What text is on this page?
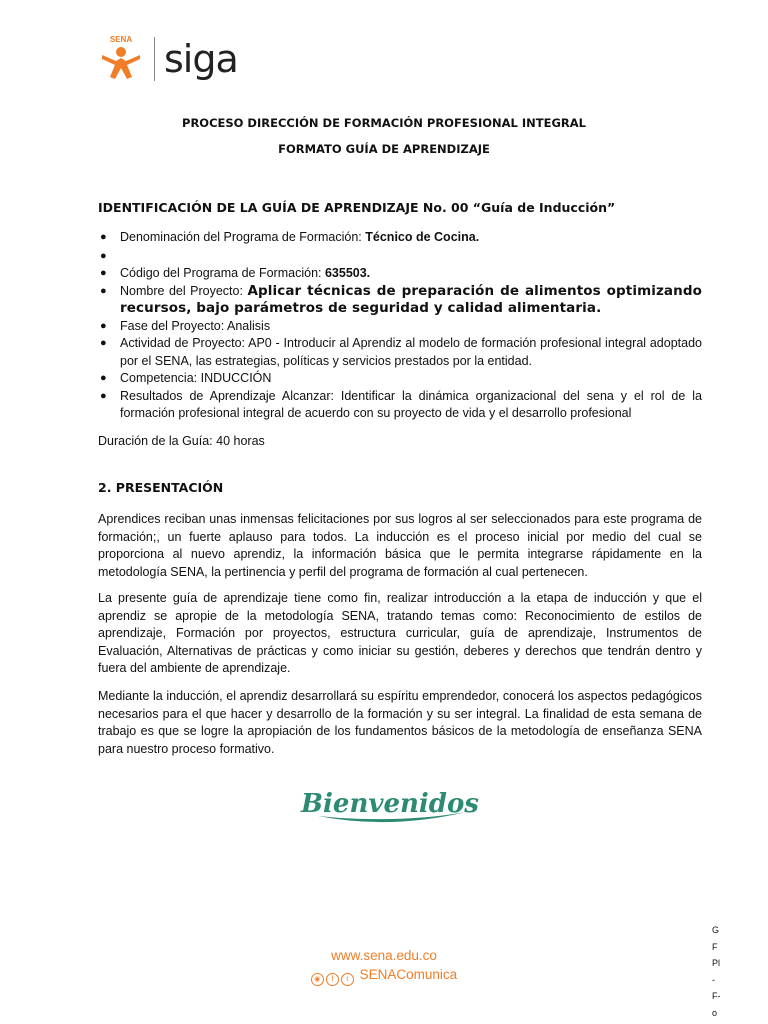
SENA siga
PROCESO DIRECCIÓN DE FORMACIÓN PROFESIONAL INTEGRAL
FORMATO GUÍA DE APRENDIZAJE
IDENTIFICACIÓN DE LA GUÍA DE APRENDIZAJE No. 00 “Guía de Inducción”
● Denominación del Programa de Formación: Técnico de Cocina.
●
● Código del Programa de Formación: 635503.
● Nombre del Proyecto: Aplicar técnicas de preparación de alimentos optimizando recursos, bajo parámetros de seguridad y calidad alimentaria.
● Fase del Proyecto: Analisis
● Actividad de Proyecto: AP0 - Introducir al Aprendiz al modelo de formación profesional integral adoptado por el SENA, las estrategias, políticas y servicios prestados por la entidad.
● Competencia: INDUCCIÓN
● Resultados de Aprendizaje Alcanzar: Identificar la dinámica organizacional del sena y el rol de la formación profesional integral de acuerdo con su proyecto de vida y el desarrollo profesional
Duración de la Guía: 40 horas
2. PRESENTACIÓN

Aprendices reciban unas inmensas felicitaciones por sus logros al ser seleccionados para este programa de formación;, un fuerte aplauso para todos. La inducción es el proceso inicial por medio del cual se proporciona al nuevo aprendiz, la información básica que le permita integrarse rápidamente en la metodología SENA, la pertinencia y perfil del programa de formación al cual pertenecen.

La presente guía de aprendizaje tiene como fin, realizar introducción a la etapa de inducción y que el aprendiz se apropie de la metodología SENA, tratando temas como: Reconocimiento de estilos de aprendizaje, Formación por proyectos, estructura curricular, guía de aprendizaje, Instrumentos de Evaluación, Alternativas de prácticas y como iniciar su gestión, deberes y derechos que tendrán dentro y fuera del ambiente de aprendizaje.

Mediante la inducción, el aprendiz desarrollará su espíritu emprendedor, conocerá los aspectos pedagógicos necesarios para el que hacer y desarrollo de la formación y su ser integral. La finalidad de esta semana de trabajo es que se logre la apropiación de los fundamentos básicos de la metodología de enseñanza SENA para nuestro proceso formativo.

Bienvenidos
www.sena.edu.co
◉ f t SENAComunica
G
F
Pl
-
F-
o
